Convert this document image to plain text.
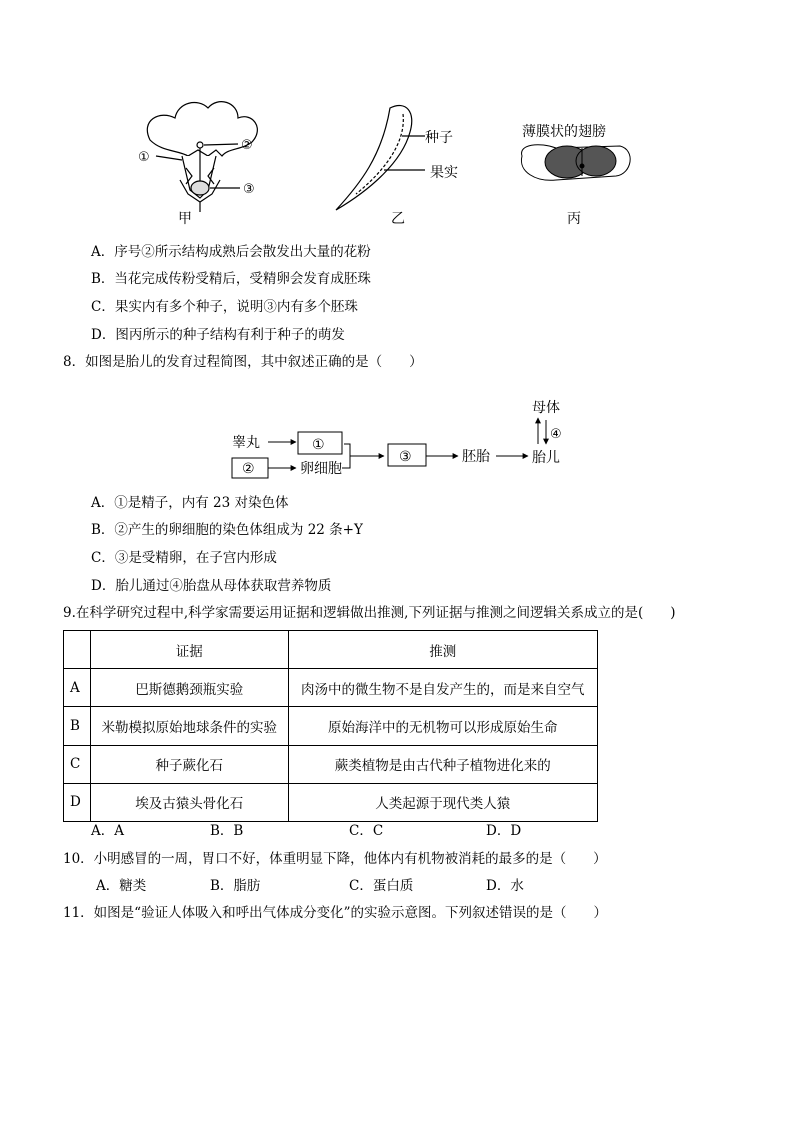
①
②
③
种子
果实
薄膜状的翅膀
甲	乙	丙
A．序号②所示结构成熟后会散发出大量的花粉
B．当花完成传粉受精后，受精卵会发育成胚珠
C．果实内有多个种子，说明③内有多个胚珠
D．图丙所示的种子结构有利于种子的萌发
8．如图是胎儿的发育过程简图，其中叙述正确的是（　　）
睾丸	①
②	卵细胞
③	胚胎	胎儿
母体
④
A．①是精子，内有 23 对染色体
B．②产生的卵细胞的染色体组成为 22 条+Y
C．③是受精卵，在子宫内形成
D．胎儿通过④胎盘从母体获取营养物质
9.在科学研究过程中,科学家需要运用证据和逻辑做出推测,下列证据与推测之间逻辑关系成立的是(　　)
	证据	推测
A	巴斯德鹅颈瓶实验	肉汤中的微生物不是自发产生的，而是来自空气
B	米勒模拟原始地球条件的实验	原始海洋中的无机物可以形成原始生命
C	种子蕨化石	蕨类植物是由古代种子植物进化来的
D	埃及古猿头骨化石	人类起源于现代类人猿
A．A	B．B	C．C	D．D
10．小明感冒的一周，胃口不好，体重明显下降，他体内有机物被消耗的最多的是（　　）
A．糖类	B．脂肪	C．蛋白质	D．水
11．如图是“验证人体吸入和呼出气体成分变化”的实验示意图。下列叙述错误的是（　　）
